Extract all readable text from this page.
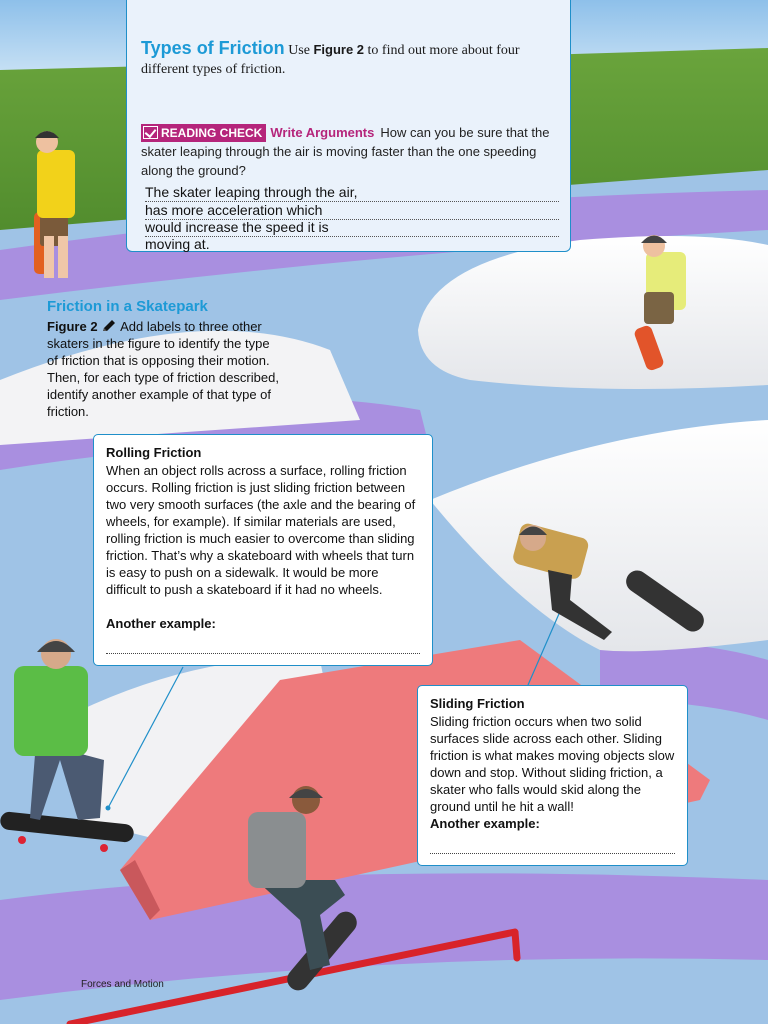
Types of Friction Use Figure 2 to find out more about four different types of friction.
READING CHECK Write Arguments How can you be sure that the skater leaping through the air is moving faster than the one speeding along the ground?
The skater leaping through the air,
has more acceleration which
would increase the speed it is
moving at.
Friction in a Skatepark
Figure 2 Add labels to three other skaters in the figure to identify the type of friction that is opposing their motion. Then, for each type of friction described, identify another example of that type of friction.
Rolling Friction
When an object rolls across a surface, rolling friction occurs. Rolling friction is just sliding friction between two very smooth surfaces (the axle and the bearing of wheels, for example). If similar materials are used, rolling friction is much easier to overcome than sliding friction. That’s why a skateboard with wheels that turn is easy to push on a sidewalk. It would be more difficult to push a skateboard if it had no wheels.
Another example:
Sliding Friction
Sliding friction occurs when two solid surfaces slide across each other. Sliding friction is what makes moving objects slow down and stop. Without sliding friction, a skater who falls would skid along the ground until he hit a wall!
Another example:
Forces and Motion
